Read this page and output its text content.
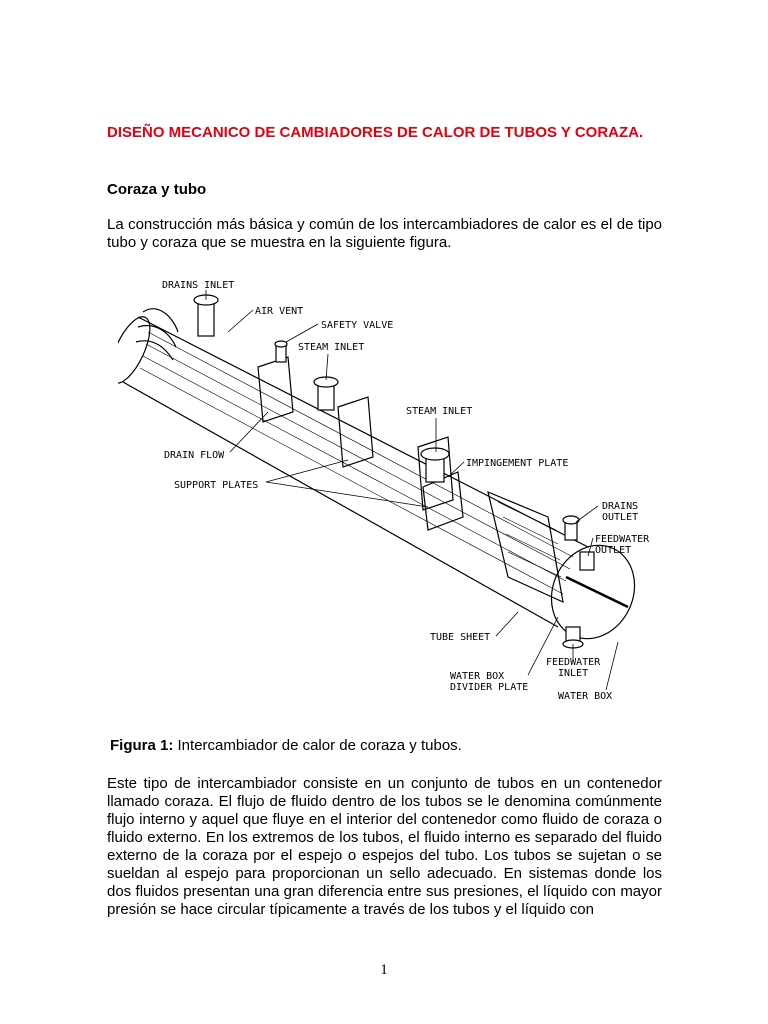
DISEÑO MECANICO DE CAMBIADORES DE CALOR DE TUBOS Y CORAZA.
Coraza y tubo

La construcción más básica y común de los intercambiadores de calor es el de tipo tubo y coraza que se muestra en la siguiente figura.

DRAINS INLET
AIR VENT
SAFETY VALVE
STEAM INLET
STEAM INLET
DRAIN FLOW
IMPINGEMENT PLATE
SUPPORT PLATES
DRAINS
OUTLET
FEEDWATER
OUTLET
TUBE SHEET
FEEDWATER
INLET
WATER BOX
DIVIDER PLATE
WATER BOX
Figura 1: Intercambiador de calor de coraza y tubos.

Este tipo de intercambiador consiste en un conjunto de tubos en un contenedor llamado coraza. El flujo de fluido dentro de los tubos se le denomina comúnmente flujo interno y aquel que fluye en el interior del contenedor como fluido de coraza o fluido externo. En los extremos de los tubos, el fluido interno es separado del fluido externo de la coraza por el espejo o espejos del tubo. Los tubos se sujetan o se sueldan al espejo para proporcionan un sello adecuado. En sistemas donde los dos fluidos presentan una gran diferencia entre sus presiones, el líquido con mayor presión se hace circular típicamente a través de los tubos y el líquido con

1
